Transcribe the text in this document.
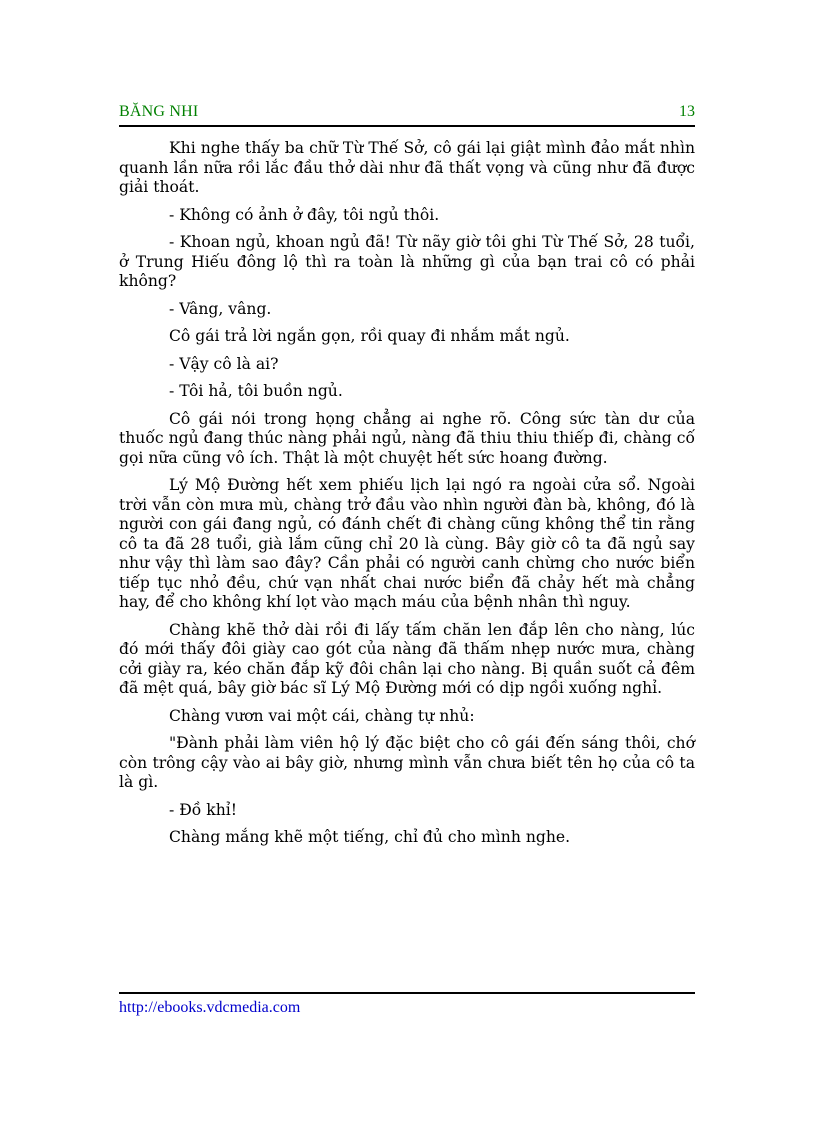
BĂNG NHI	13

Khi nghe thấy ba chữ Từ Thế Sở, cô gái lại giật mình đảo mắt nhìn quanh lần nữa rồi lắc đầu thở dài như đã thất vọng và cũng như đã được giải thoát.

- Không có ảnh ở đây, tôi ngủ thôi.

- Khoan ngủ, khoan ngủ đã! Từ nãy giờ tôi ghi Từ Thế Sở, 28 tuổi, ở Trung Hiếu đông lộ thì ra toàn là những gì của bạn trai cô có phải không?

- Vâng, vâng.

Cô gái trả lời ngắn gọn, rồi quay đi nhắm mắt ngủ.

- Vậy cô là ai?

- Tôi hả, tôi buồn ngủ.

Cô gái nói trong họng chẳng ai nghe rõ. Công sức tàn dư của thuốc ngủ đang thúc nàng phải ngủ, nàng đã thiu thiu thiếp đi, chàng cố gọi nữa cũng vô ích. Thật là một chuyệt hết sức hoang đường.

Lý Mộ Đường hết xem phiếu lịch lại ngó ra ngoài cửa sổ. Ngoài trời vẫn còn mưa mù, chàng trở đầu vào nhìn người đàn bà, không, đó là người con gái đang ngủ, có đánh chết đi chàng cũng không thể tin rằng cô ta đã 28 tuổi, già lắm cũng chỉ 20 là cùng. Bây giờ cô ta đã ngủ say như vậy thì làm sao đây? Cần phải có người canh chừng cho nước biển tiếp tục nhỏ đều, chứ vạn nhất chai nước biển đã chảy hết mà chẳng hay, để cho không khí lọt vào mạch máu của bệnh nhân thì nguy.

Chàng khẽ thở dài rồi đi lấy tấm chăn len đắp lên cho nàng, lúc đó mới thấy đôi giày cao gót của nàng đã thấm nhẹp nước mưa, chàng cởi giày ra, kéo chăn đắp kỹ đôi chân lại cho nàng. Bị quần suốt cả đêm đã mệt quá, bây giờ bác sĩ Lý Mộ Đường mới có dịp ngồi xuống nghỉ.

Chàng vươn vai một cái, chàng tự nhủ:

"Đành phải làm viên hộ lý đặc biệt cho cô gái đến sáng thôi, chớ còn trông cậy vào ai bây giờ, nhưng mình vẫn chưa biết tên họ của cô ta là gì.

- Đồ khỉ!

Chàng mắng khẽ một tiếng, chỉ đủ cho mình nghe.

http://ebooks.vdcmedia.com
